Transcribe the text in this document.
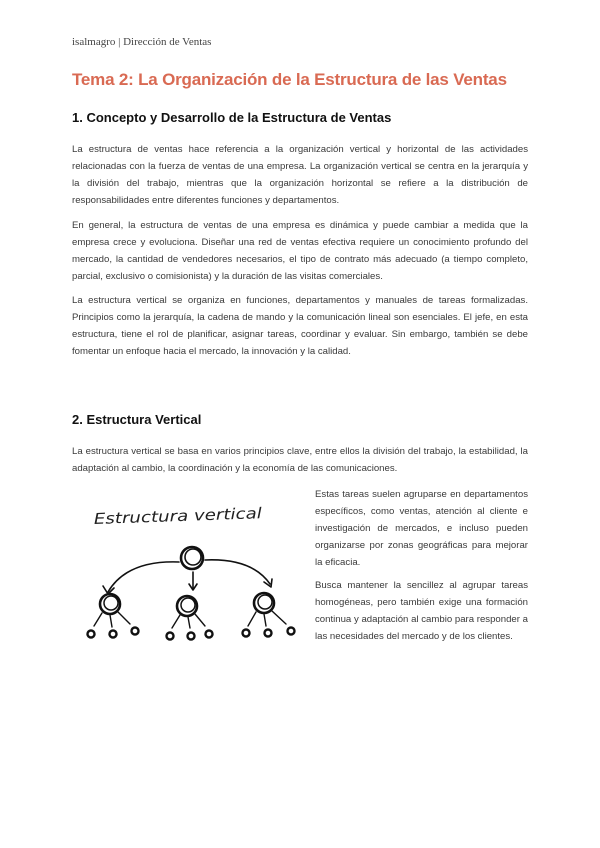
isalmagro | Dirección de Ventas
Tema 2: La Organización de la Estructura de las Ventas
1. Concepto y Desarrollo de la Estructura de Ventas

La estructura de ventas hace referencia a la organización vertical y horizontal de las actividades relacionadas con la fuerza de ventas de una empresa. La organización vertical se centra en la jerarquía y la división del trabajo, mientras que la organización horizontal se refiere a la distribución de responsabilidades entre diferentes funciones y departamentos.

En general, la estructura de ventas de una empresa es dinámica y puede cambiar a medida que la empresa crece y evoluciona. Diseñar una red de ventas efectiva requiere un conocimiento profundo del mercado, la cantidad de vendedores necesarios, el tipo de contrato más adecuado (a tiempo completo, parcial, exclusivo o comisionista) y la duración de las visitas comerciales.

La estructura vertical se organiza en funciones, departamentos y manuales de tareas formalizadas. Principios como la jerarquía, la cadena de mando y la comunicación lineal son esenciales. El jefe, en esta estructura, tiene el rol de planificar, asignar tareas, coordinar y evaluar. Sin embargo, también se debe fomentar un enfoque hacia el mercado, la innovación y la calidad.

2. Estructura Vertical

La estructura vertical se basa en varios principios clave, entre ellos la división del trabajo, la estabilidad, la adaptación al cambio, la coordinación y la economía de las comunicaciones.

Estructura vertical

Estas tareas suelen agruparse en departamentos específicos, como ventas, atención al cliente e investigación de mercados, e incluso pueden organizarse por zonas geográficas para mejorar la eficacia.

Busca mantener la sencillez al agrupar tareas homogéneas, pero también exige una formación continua y adaptación al cambio para responder a las necesidades del mercado y de los clientes.
